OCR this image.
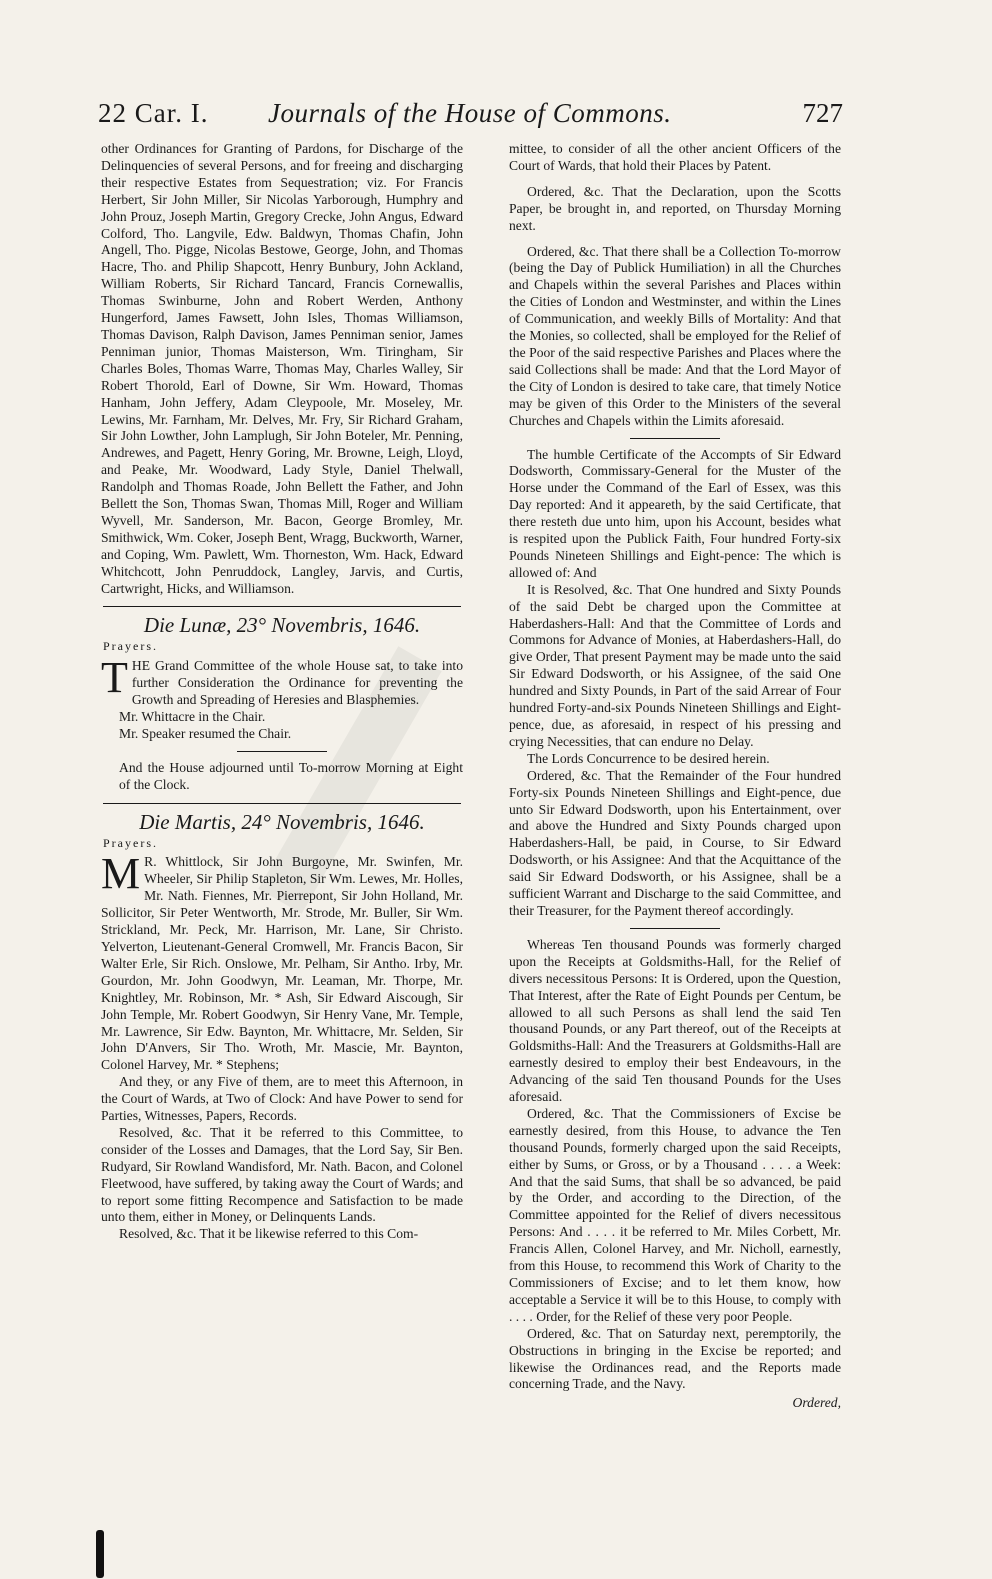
22 Car. I. Journals of the House of Commons.	727

other Ordinances for Granting of Pardons, for Discharge of the Delinquencies of several Persons, and for freeing and discharging their respective Estates from Sequestration; viz. For Francis Herbert, Sir John Miller, Sir Nicolas Yarborough, Humphry and John Prouz, Joseph Martin, Gregory Crecke, John Angus, Edward Colford, Tho. Langvile, Edw. Baldwyn, Thomas Chafin, John Angell, Tho. Pigge, Nicolas Bestowe, George, John, and Thomas Hacre, Tho. and Philip Shapcott, Henry Bunbury, John Ackland, William Roberts, Sir Richard Tancard, Francis Cornewallis, Thomas Swinburne, John and Robert Werden, Anthony Hungerford, James Fawsett, John Isles, Thomas Williamson, Thomas Davison, Ralph Davison, James Penniman senior, James Penniman junior, Thomas Maisterson, Wm. Tiringham, Sir Charles Boles, Thomas Warre, Thomas May, Charles Walley, Sir Robert Thorold, Earl of Downe, Sir Wm. Howard, Thomas Hanham, John Jeffery, Adam Cleypoole, Mr. Moseley, Mr. Lewins, Mr. Farnham, Mr. Delves, Mr. Fry, Sir Richard Graham, Sir John Lowther, John Lamplugh, Sir John Boteler, Mr. Penning, Andrewes, and Pagett, Henry Goring, Mr. Browne, Leigh, Lloyd, and Peake, Mr. Woodward, Lady Style, Daniel Thelwall, Randolph and Thomas Roade, John Bellett the Father, and John Bellett the Son, Thomas Swan, Thomas Mill, Roger and William Wyvell, Mr. Sanderson, Mr. Bacon, George Bromley, Mr. Smithwick, Wm. Coker, Joseph Bent, Wragg, Buckworth, Warner, and Coping, Wm. Pawlett, Wm. Thorneston, Wm. Hack, Edward Whitchcott, John Penruddock, Langley, Jarvis, and Curtis, Cartwright, Hicks, and Williamson.

Die Lunæ, 23° Novembris, 1646.
Prayers.

THE Grand Committee of the whole House sat, to take into further Consideration the Ordinance for preventing the Growth and Spreading of Heresies and Blasphemies.

Mr. Whittacre in the Chair.

Mr. Speaker resumed the Chair.

And the House adjourned until To-morrow Morning at Eight of the Clock.

Die Martis, 24° Novembris, 1646.
Prayers.

M R. Whittlock, Sir John Burgoyne, Mr. Swinfen, Mr. Wheeler, Sir Philip Stapleton, Sir Wm. Lewes, Mr. Holles, Mr. Nath. Fiennes, Mr. Pierrepont, Sir John Holland, Mr. Sollicitor, Sir Peter Wentworth, Mr. Strode, Mr. Buller, Sir Wm. Strickland, Mr. Peck, Mr. Harrison, Mr. Lane, Sir Christo. Yelverton, Lieutenant-General Cromwell, Mr. Francis Bacon, Sir Walter Erle, Sir Rich. Onslowe, Mr. Pelham, Sir Antho. Irby, Mr. Gourdon, Mr. John Goodwyn, Mr. Leaman, Mr. Thorpe, Mr. Knightley, Mr. Robinson, Mr. * Ash, Sir Edward Aiscough, Sir John Temple, Mr. Robert Goodwyn, Sir Henry Vane, Mr. Temple, Mr. Lawrence, Sir Edw. Baynton, Mr. Whittacre, Mr. Selden, Sir John D'Anvers, Sir Tho. Wroth, Mr. Mascie, Mr. Baynton, Colonel Harvey, Mr. * Stephens;

And they, or any Five of them, are to meet this Afternoon, in the Court of Wards, at Two of Clock: And have Power to send for Parties, Witnesses, Papers, Records.

Resolved, &c. That it be referred to this Committee, to consider of the Losses and Damages, that the Lord Say, Sir Ben. Rudyard, Sir Rowland Wandisford, Mr. Nath. Bacon, and Colonel Fleetwood, have suffered, by taking away the Court of Wards; and to report some fitting Recompence and Satisfaction to be made unto them, either in Money, or Delinquents Lands.

Resolved, &c. That it be likewise referred to this Com-

mittee, to consider of all the other ancient Officers of the Court of Wards, that hold their Places by Patent.

Ordered, &c. That the Declaration, upon the Scotts Paper, be brought in, and reported, on Thursday Morning next.

Ordered, &c. That there shall be a Collection To-morrow (being the Day of Publick Humiliation) in all the Churches and Chapels within the several Parishes and Places within the Cities of London and Westminster, and within the Lines of Communication, and weekly Bills of Mortality: And that the Monies, so collected, shall be employed for the Relief of the Poor of the said respective Parishes and Places where the said Collections shall be made: And that the Lord Mayor of the City of London is desired to take care, that timely Notice may be given of this Order to the Ministers of the several Churches and Chapels within the Limits aforesaid.

The humble Certificate of the Accompts of Sir Edward Dodsworth, Commissary-General for the Muster of the Horse under the Command of the Earl of Essex, was this Day reported: And it appeareth, by the said Certificate, that there resteth due unto him, upon his Account, besides what is respited upon the Publick Faith, Four hundred Forty-six Pounds Nineteen Shillings and Eight-pence: The which is allowed of: And

It is Resolved, &c. That One hundred and Sixty Pounds of the said Debt be charged upon the Committee at Haberdashers-Hall: And that the Committee of Lords and Commons for Advance of Monies, at Haberdashers-Hall, do give Order, That present Payment may be made unto the said Sir Edward Dodsworth, or his Assignee, of the said One hundred and Sixty Pounds, in Part of the said Arrear of Four hundred Forty-and-six Pounds Nineteen Shillings and Eight-pence, due, as aforesaid, in respect of his pressing and crying Necessities, that can endure no Delay.

The Lords Concurrence to be desired herein.

Ordered, &c. That the Remainder of the Four hundred Forty-six Pounds Nineteen Shillings and Eight-pence, due unto Sir Edward Dodsworth, upon his Entertainment, over and above the Hundred and Sixty Pounds charged upon Haberdashers-Hall, be paid, in Course, to Sir Edward Dodsworth, or his Assignee: And that the Acquittance of the said Sir Edward Dodsworth, or his Assignee, shall be a sufficient Warrant and Discharge to the said Committee, and their Treasurer, for the Payment thereof accordingly.

Whereas Ten thousand Pounds was formerly charged upon the Receipts at Goldsmiths-Hall, for the Relief of divers necessitous Persons: It is Ordered, upon the Question, That Interest, after the Rate of Eight Pounds per Centum, be allowed to all such Persons as shall lend the said Ten thousand Pounds, or any Part thereof, out of the Receipts at Goldsmiths-Hall: And the Treasurers at Goldsmiths-Hall are earnestly desired to employ their best Endeavours, in the Advancing of the said Ten thousand Pounds for the Uses aforesaid.

Ordered, &c. That the Commissioners of Excise be earnestly desired, from this House, to advance the Ten thousand Pounds, formerly charged upon the said Receipts, either by Sums, or Gross, or by a Thousand . . . . a Week: And that the said Sums, that shall be so advanced, be paid by the Order, and according to the Direction, of the Committee appointed for the Relief of divers necessitous Persons: And . . . . it be referred to Mr. Miles Corbett, Mr. Francis Allen, Colonel Harvey, and Mr. Nicholl, earnestly, from this House, to recommend this Work of Charity to the Commissioners of Excise; and to let them know, how acceptable a Service it will be to this House, to comply with . . . . Order, for the Relief of these very poor People.

Ordered, &c. That on Saturday next, peremptorily, the Obstructions in bringing in the Excise be reported; and likewise the Ordinances read, and the Reports made concerning Trade, and the Navy.

Ordered,
